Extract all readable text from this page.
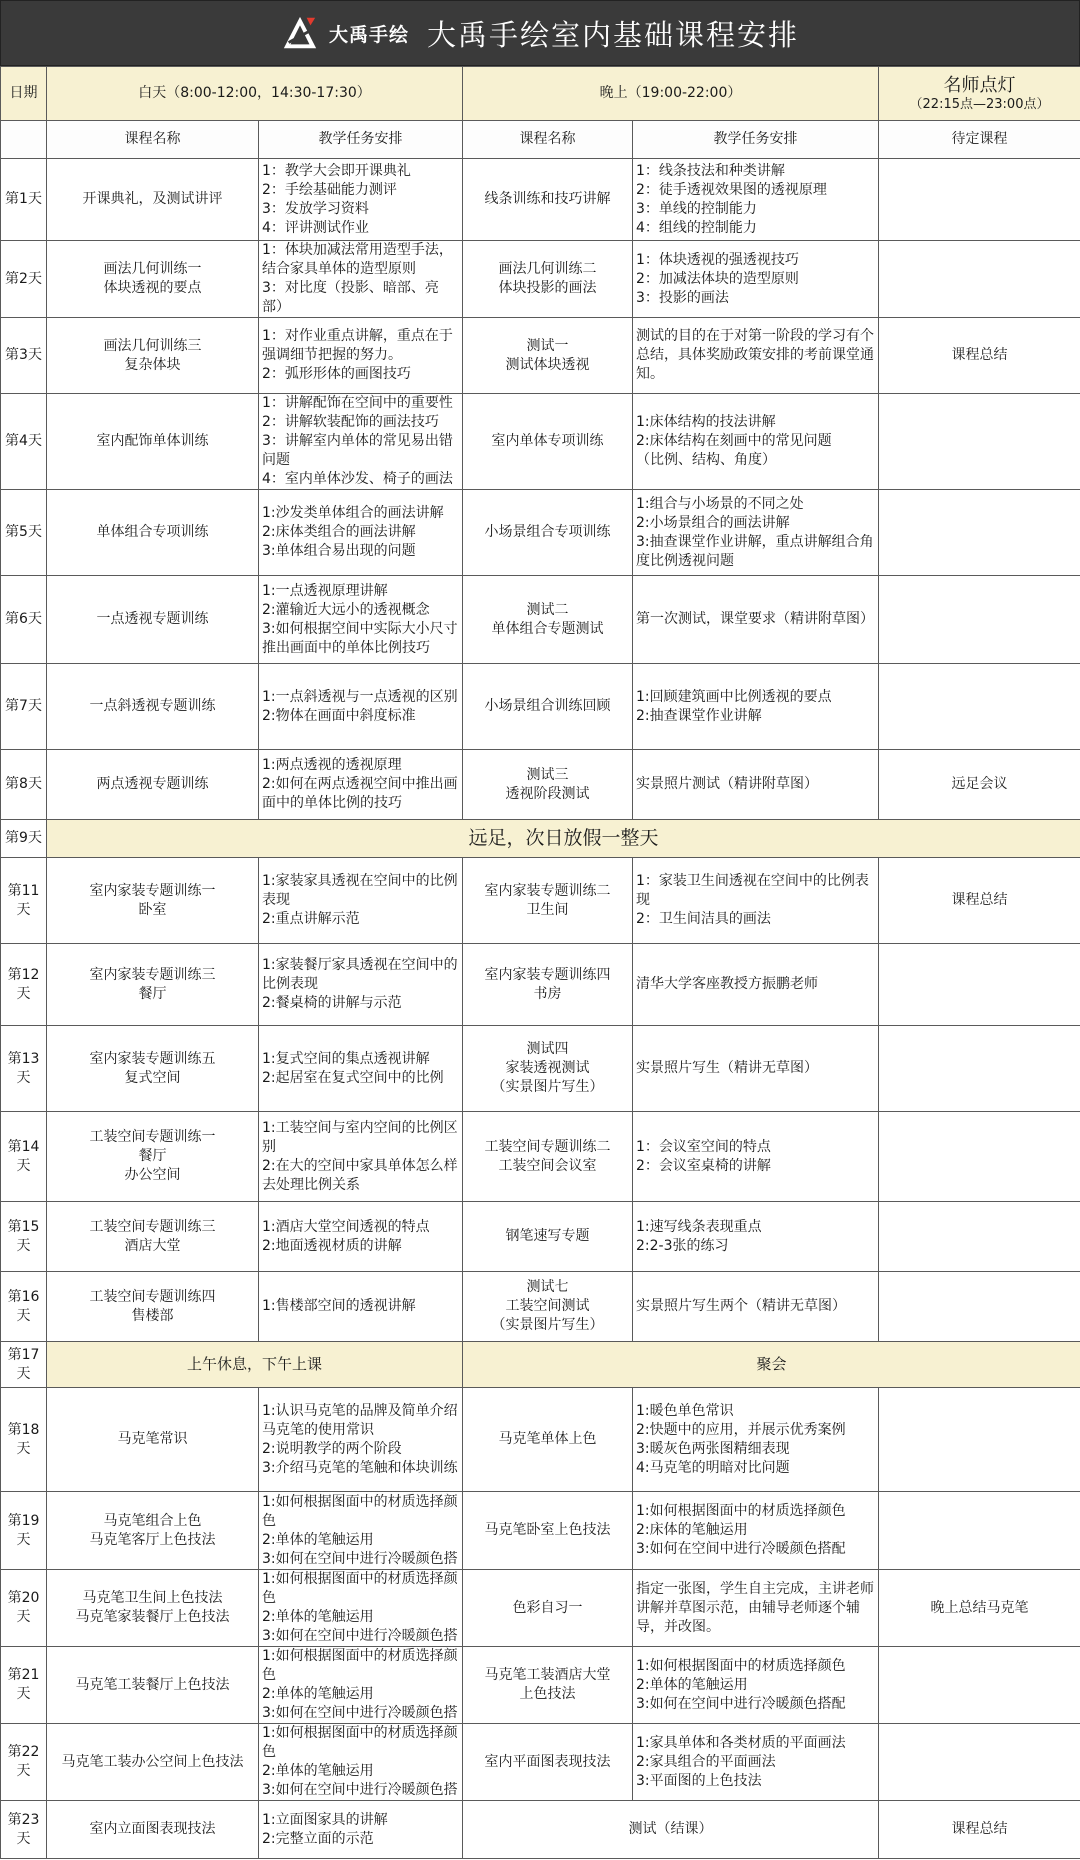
大禹手绘 大禹手绘室内基础课程安排
日期	白天（8:00-12:00，14:30-17:30）		晚上（19:00-22:00）		名师点灯
（22:15点—23:00点）

	课程名称	教学任务安排	课程名称	教学任务安排	待定课程
第1天	开课典礼，及测试讲评	1：教学大会即开课典礼
2：手绘基础能力测评
3：发放学习资料
4：评讲测试作业	线条训练和技巧讲解	1：线条技法和种类讲解
2：徒手透视效果图的透视原理
3：单线的控制能力
4：组线的控制能力	

第2天	画法几何训练一
体块透视的要点	1：体块加减法常用造型手法，结合家具单体的造型原则
3：对比度（投影、暗部、亮部）	画法几何训练二
体块投影的画法	1：体块透视的强透视技巧
2：加减法体块的造型原则
3：投影的画法	

第3天	画法几何训练三
复杂体块	1：对作业重点讲解，重点在于强调细节把握的努力。
2：弧形形体的画图技巧	测试一
测试体块透视	测试的目的在于对第一阶段的学习有个总结，具体奖励政策安排的考前课堂通知。	课程总结
第4天	室内配饰单体训练	1：讲解配饰在空间中的重要性
2：讲解软装配饰的画法技巧
3：讲解室内单体的常见易出错问题
4：室内单体沙发、椅子的画法	室内单体专项训练	1:床体结构的技法讲解
2:床体结构在刻画中的常见问题
（比例、结构、角度）	

第5天	单体组合专项训练	1:沙发类单体组合的画法讲解
2:床体类组合的画法讲解
3:单体组合易出现的问题	小场景组合专项训练	1:组合与小场景的不同之处
2:小场景组合的画法讲解
3:抽查课堂作业讲解，重点讲解组合角度比例透视问题	

第6天	一点透视专题训练	1:一点透视原理讲解
2:灌输近大远小的透视概念
3:如何根据空间中实际大小尺寸推出画面中的单体比例技巧	测试二
单体组合专题测试	第一次测试，课堂要求（精讲附草图）	

第7天	一点斜透视专题训练	1:一点斜透视与一点透视的区别
2:物体在画面中斜度标准	小场景组合训练回顾	1:回顾建筑画中比例透视的要点
2:抽查课堂作业讲解	

第8天	两点透视专题训练	1:两点透视的透视原理
2:如何在两点透视空间中推出画面中的单体比例的技巧	测试三
透视阶段测试	实景照片测试（精讲附草图）	远足会议
第9天	远足，次日放假一整天				
第11天	室内家装专题训练一
卧室	1:家装家具透视在空间中的比例表现
2:重点讲解示范	室内家装专题训练二
卫生间	1：家装卫生间透视在空间中的比例表现
2：卫生间洁具的画法	课程总结
第12天	室内家装专题训练三
餐厅	1:家装餐厅家具透视在空间中的比例表现
2:餐桌椅的讲解与示范	室内家装专题训练四
书房	清华大学客座教授方振鹏老师	

第13天	室内家装专题训练五
复式空间	1:复式空间的集点透视讲解
2:起居室在复式空间中的比例	测试四
家装透视测试
（实景图片写生）	实景照片写生（精讲无草图）	

第14天	工装空间专题训练一
餐厅
办公空间	1:工装空间与室内空间的比例区别
2:在大的空间中家具单体怎么样去处理比例关系	工装空间专题训练二
工装空间会议室	1：会议室空间的特点
2：会议室桌椅的讲解	

第15天	工装空间专题训练三
酒店大堂	1:酒店大堂空间透视的特点
2:地面透视材质的讲解	钢笔速写专题	1:速写线条表现重点
2:2-3张的练习	

第16天	工装空间专题训练四
售楼部	1:售楼部空间的透视讲解	测试七
工装空间测试
（实景图片写生）	实景照片写生两个（精讲无草图）	

第17天	上午休息，下午上课		聚会		
第18天	马克笔常识	1:认识马克笔的品牌及简单介绍马克笔的使用常识
2:说明教学的两个阶段
3:介绍马克笔的笔触和体块训练	马克笔单体上色	1:暖色单色常识
2:快题中的应用，并展示优秀案例
3:暖灰色两张图精细表现
4:马克笔的明暗对比问题	

第19天	马克笔组合上色
马克笔客厅上色技法	1:如何根据图面中的材质选择颜色
2:单体的笔触运用
3:如何在空间中进行冷暖颜色搭	马克笔卧室上色技法	1:如何根据图面中的材质选择颜色
2:床体的笔触运用
3:如何在空间中进行冷暖颜色搭配	

第20天	马克笔卫生间上色技法
马克笔家装餐厅上色技法	1:如何根据图面中的材质选择颜色
2:单体的笔触运用
3:如何在空间中进行冷暖颜色搭	色彩自习一	指定一张图，学生自主完成，主讲老师讲解并草图示范，由辅导老师逐个辅导，并改图。	晚上总结马克笔
第21天	马克笔工装餐厅上色技法	1:如何根据图面中的材质选择颜色
2:单体的笔触运用
3:如何在空间中进行冷暖颜色搭	马克笔工装酒店大堂
上色技法	1:如何根据图面中的材质选择颜色
2:单体的笔触运用
3:如何在空间中进行冷暖颜色搭配	

第22天	马克笔工装办公空间上色技法	1:如何根据图面中的材质选择颜色
2:单体的笔触运用
3:如何在空间中进行冷暖颜色搭	室内平面图表现技法	1:家具单体和各类材质的平面画法
2:家具组合的平面画法
3:平面图的上色技法	

第23天	室内立面图表现技法	1:立面图家具的讲解
2:完整立面的示范	测试（结课）		课程总结
